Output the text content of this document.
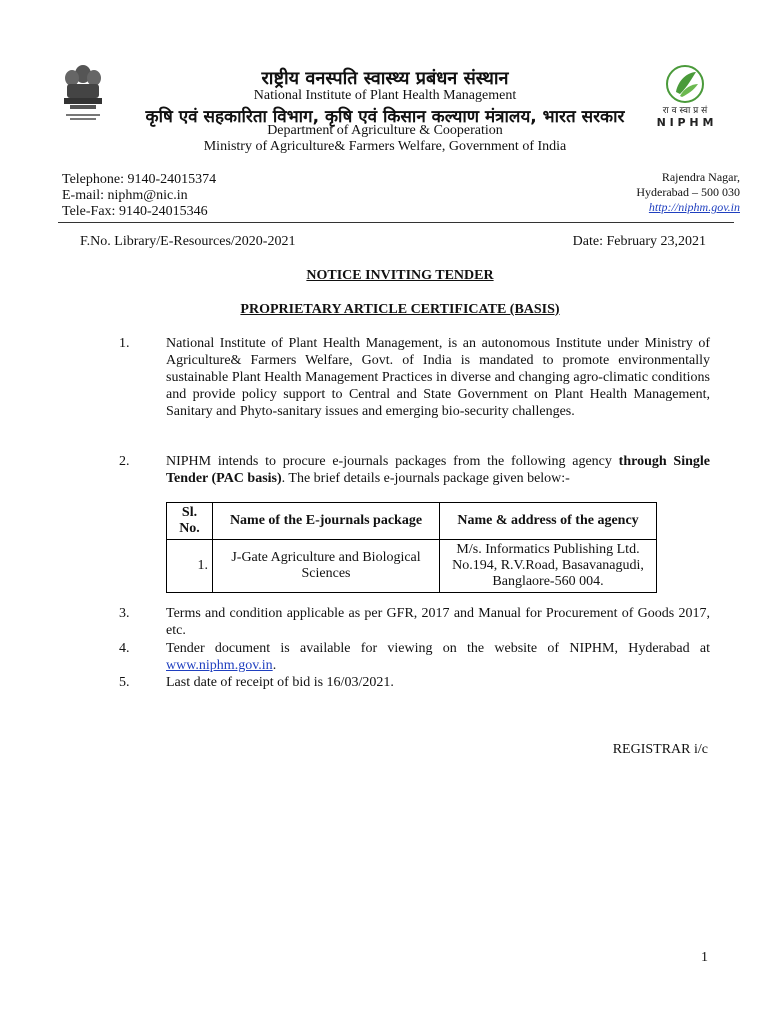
रा व स्वा प्र सं
N I P H M
राष्ट्रीय वनस्पति स्वास्थ्य प्रबंधन संस्थान
National Institute of Plant Health Management
कृषि एवं सहकारिता विभाग, कृषि एवं किसान कल्याण मंत्रालय, भारत सरकार
Department of Agriculture & Cooperation
Ministry of Agriculture& Farmers Welfare, Government of India
Telephone: 9140-24015374
E-mail: niphm@nic.in
Tele-Fax: 9140-24015346
Rajendra Nagar,
Hyderabad – 500 030
http://niphm.gov.in
F.No. Library/E-Resources/2020-2021	Date: February 23,2021
NOTICE INVITING TENDER
PROPRIETARY ARTICLE CERTIFICATE (BASIS)
1.	National Institute of Plant Health Management, is an autonomous Institute under Ministry of Agriculture& Farmers Welfare, Govt. of India is mandated to promote environmentally sustainable Plant Health Management Practices in diverse and changing agro-climatic conditions and provide policy support to Central and State Government on Plant Health Management, Sanitary and Phyto-sanitary issues and emerging bio-security challenges.
2.	NIPHM intends to procure e-journals packages from the following agency through Single Tender (PAC basis). The brief details e-journals package given below:-
Sl. No.	Name of the E-journals package	Name & address of the agency
1.	J-Gate Agriculture and Biological Sciences	M/s. Informatics Publishing Ltd.
No.194, R.V.Road, Basavanagudi,
Banglaore-560 004.
3.	Terms and condition applicable as per GFR, 2017 and Manual for Procurement of Goods 2017, etc.
4.	Tender document is available for viewing on the website of NIPHM, Hyderabad at www.niphm.gov.in.
5.	Last date of receipt of bid is 16/03/2021.
REGISTRAR i/c
1
